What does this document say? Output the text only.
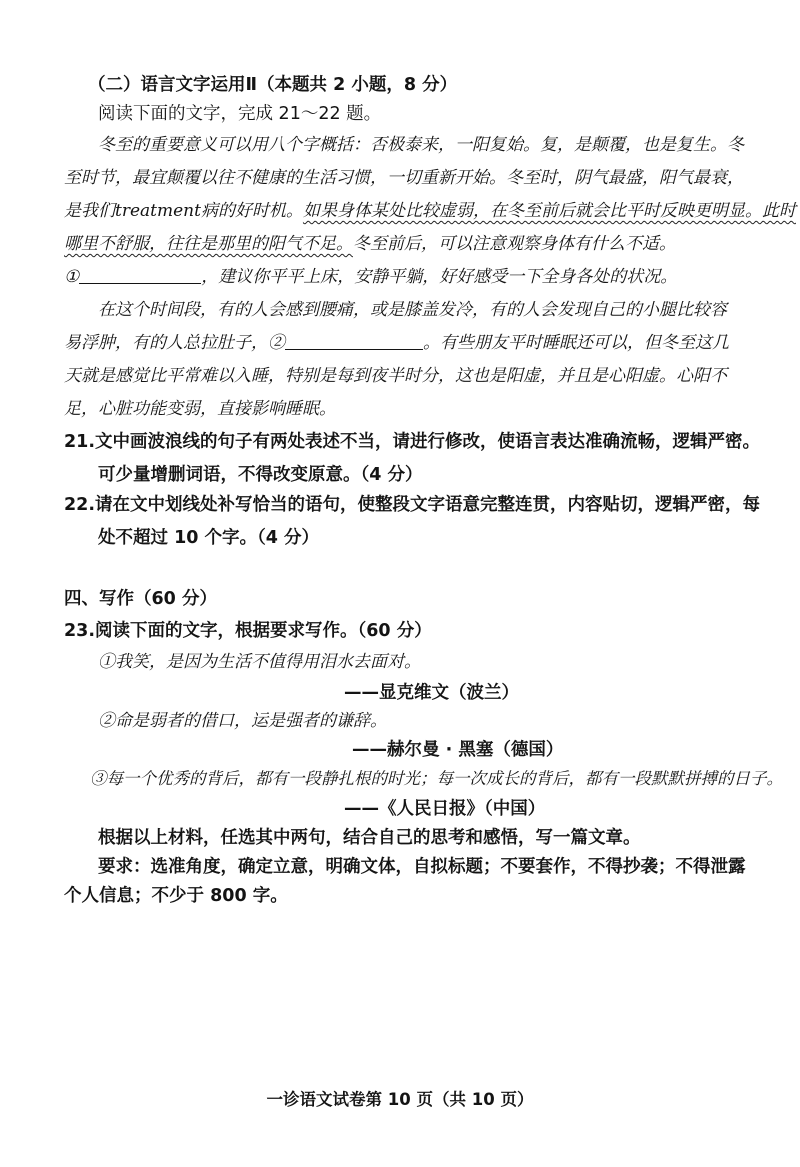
（二）语言文字运用Ⅱ（本题共 2 小题，8 分）
阅读下面的文字，完成 21～22 题。
冬至的重要意义可以用八个字概括：否极泰来，一阳复始。复，是颠覆，也是复生。冬
至时节，最宜颠覆以往不健康的生活习惯，一切重新开始。冬至时，阴气最盛，阳气最衰，
是我们treatment病的好时机。如果身体某处比较虚弱，在冬至前后就会比平时反映更明显。此时
哪里不舒服，往往是那里的阳气不足。冬至前后，可以注意观察身体有什么不适。
①	，建议你平平上床，安静平躺，好好感受一下全身各处的状况。
在这个时间段，有的人会感到腰痛，或是膝盖发冷，有的人会发现自己的小腿比较容
易浮肿，有的人总拉肚子，②	。有些朋友平时睡眠还可以，但冬至这几
天就是感觉比平常难以入睡，特别是每到夜半时分，这也是阳虚，并且是心阳虚。心阳不
足，心脏功能变弱，直接影响睡眠。
21.文中画波浪线的句子有两处表述不当，请进行修改，使语言表达准确流畅，逻辑严密。
可少量增删词语，不得改变原意。（4 分）
22.请在文中划线处补写恰当的语句，使整段文字语意完整连贯，内容贴切，逻辑严密，每
处不超过 10 个字。（4 分）
四、写作（60 分）
23.阅读下面的文字，根据要求写作。（60 分）
①我笑，是因为生活不值得用泪水去面对。
——显克维文（波兰）
②命是弱者的借口，运是强者的谦辞。
——赫尔曼 · 黑塞（德国）
③每一个优秀的背后，都有一段静扎根的时光；每一次成长的背后，都有一段默默拼搏的日子。
——《人民日报》（中国）
根据以上材料，任选其中两句，结合自己的思考和感悟，写一篇文章。
要求：选准角度，确定立意，明确文体，自拟标题；不要套作，不得抄袭；不得泄露
个人信息；不少于 800 字。
一诊语文试卷第 10 页（共 10 页）
